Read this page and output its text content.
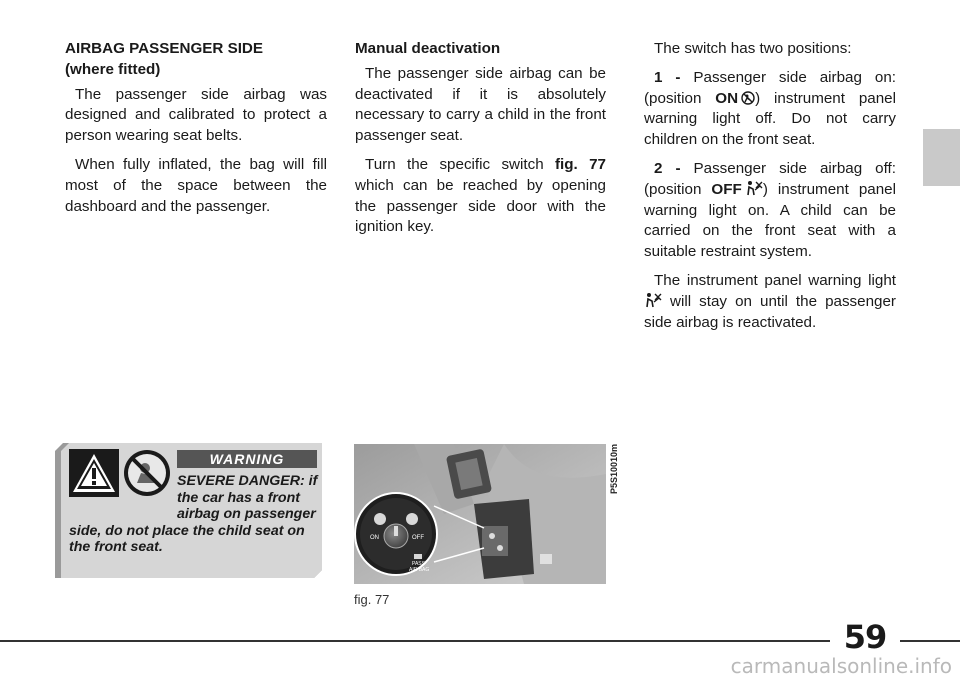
AIRBAG PASSENGER SIDE
(where fitted)

The passenger side airbag was designed and calibrated to protect a person wearing seat belts.

When fully inflated, the bag will fill most of the space between the dashboard and the passenger.

Manual deactivation

The passenger side airbag can be deactivated if it is absolutely necessary to carry a child in the front passenger seat.

Turn the specific switch fig. 77 which can be reached by opening the passenger side door with the ignition key.

The switch has two positions:

1 - Passenger side airbag on: (position ON  ) instrument panel warning light off. Do not carry children on the front seat.

2 - Passenger side airbag off: (position OFF  ) instrument panel warning light on. A child can be carried on the front seat with a suitable restraint system.

The instrument panel warning light  will stay on until the passenger side airbag is reactivated.

WARNING
SEVERE DANGER: if the car has a front airbag on passenger side, do not place the child seat on the front seat.
ON	OFF
PASS
AIR BAG
P5S10010m
fig. 77
59
carmanualsonline.info
